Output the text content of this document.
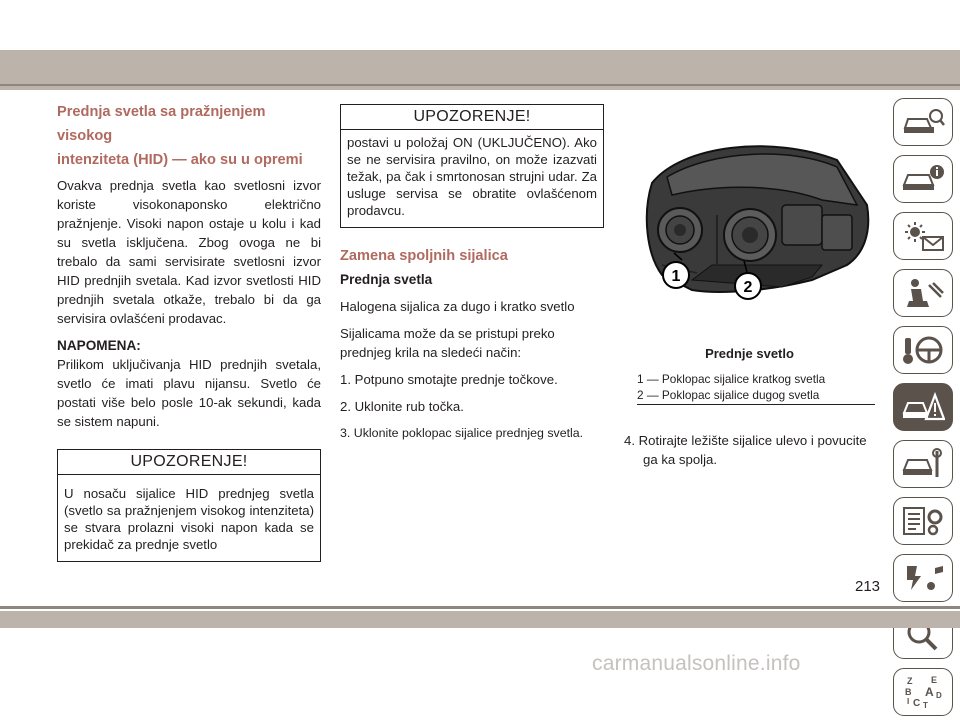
Prednja svetla sa pražnjenjem visokog
intenziteta (HID) — ako su u opremi

Ovakva prednja svetla kao svetlosni izvor koriste visokonaponsko električno pražnjenje. Visoki napon ostaje u kolu i kad su svetla isključena. Zbog ovoga ne bi trebalo da sami servisirate svetlosni izvor HID prednjih svetala. Kad izvor svetlosti HID prednjih svetala otkaže, trebalo bi da ga servisira ovlašćeni prodavac.

NAPOMENA:

Prilikom uključivanja HID prednjih svetala, svetlo će imati plavu nijansu. Svetlo će postati više belo posle 10-ak sekundi, kada se sistem napuni.

UPOZORENJE!
U nosaču sijalice HID prednjeg svetla (svetlo sa pražnjenjem visokog intenziteta) se stvara prolazni visoki napon kada se prekidač za prednje svetlo
UPOZORENJE!
postavi u položaj ON (UKLJUČENO). Ako se ne servisira pravilno, on može izazvati težak, pa čak i smrtonosan strujni udar. Za usluge servisa se obratite ovlašćenom prodavcu.
Zamena spoljnih sijalica
Prednja svetla

Halogena sijalica za dugo i kratko svetlo

Sijalicama može da se pristupi preko prednjeg krila na sledeći način:

1. Potpuno smotajte prednje točkove.
2. Uklonite rub točka.
3. Uklonite poklopac sijalice prednjeg svetla.
1
2
Prednje svetlo
1 — Poklopac sijalice kratkog svetla
2 — Poklopac sijalice dugog svetla
4. Rotirajte ležište sijalice ulevo i povucite
ga ka spolja.
Z E
B A
C
D
I T
213
carmanualsonline.info
